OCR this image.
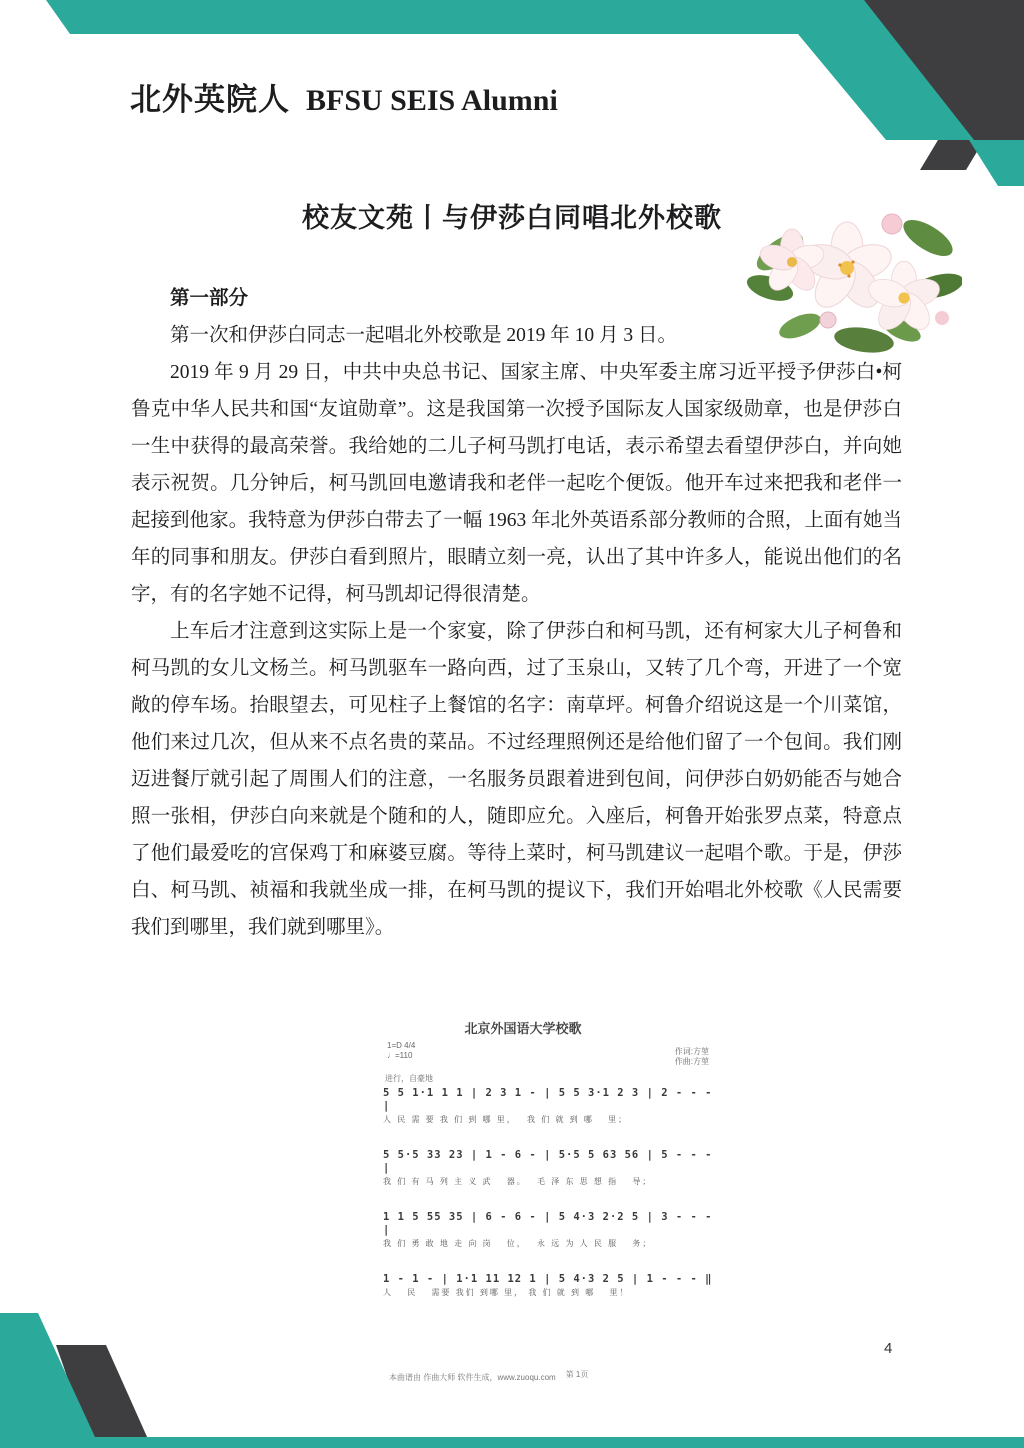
北外英院人 BFSU SEIS Alumni
校友文苑丨与伊莎白同唱北外校歌

第一部分

第一次和伊莎白同志一起唱北外校歌是 2019 年 10 月 3 日。

2019 年 9 月 29 日，中共中央总书记、国家主席、中央军委主席习近平授予伊莎白•柯鲁克中华人民共和国“友谊勋章”。这是我国第一次授予国际友人国家级勋章，也是伊莎白一生中获得的最高荣誉。我给她的二儿子柯马凯打电话，表示希望去看望伊莎白，并向她表示祝贺。几分钟后，柯马凯回电邀请我和老伴一起吃个便饭。他开车过来把我和老伴一起接到他家。我特意为伊莎白带去了一幅 1963 年北外英语系部分教师的合照，上面有她当年的同事和朋友。伊莎白看到照片，眼睛立刻一亮，认出了其中许多人，能说出他们的名字，有的名字她不记得，柯马凯却记得很清楚。

上车后才注意到这实际上是一个家宴，除了伊莎白和柯马凯，还有柯家大儿子柯鲁和柯马凯的女儿文杨兰。柯马凯驱车一路向西，过了玉泉山，又转了几个弯，开进了一个宽敞的停车场。抬眼望去，可见柱子上餐馆的名字：南草坪。柯鲁介绍说这是一个川菜馆，他们来过几次，但从来不点名贵的菜品。不过经理照例还是给他们留了一个包间。我们刚迈进餐厅就引起了周围人们的注意，一名服务员跟着进到包间，问伊莎白奶奶能否与她合照一张相，伊莎白向来就是个随和的人，随即应允。入座后，柯鲁开始张罗点菜，特意点了他们最爱吃的宫保鸡丁和麻婆豆腐。等待上菜时，柯马凯建议一起唱个歌。于是，伊莎白、柯马凯、祯福和我就坐成一排，在柯马凯的提议下，我们开始唱北外校歌《人民需要我们到哪里，我们就到哪里》。

北京外国语大学校歌
1=D 4/4
♩=110	作词:方堃
作曲:方堃
进行，自豪地
5 5 1·1 1 1 | 2 3 1 - | 5 5 3·1 2 3 | 2 - - - |
人 民 需 要 我 们 到 哪 里，　 我 们 就 到 哪　 里；
5 5·5 33 23 | 1 - 6 - | 5·5 5 63 56 | 5 - - - |
我 们 有 马 列 主 义 武　 器。　 毛 泽 东 思 想 指　 导；
1 1 5 55 35 | 6 - 6 - | 5 4·3 2·2 5 | 3 - - - |
我 们 勇 敢 地 走 向 岗　 位，　 永 远 为 人 民 服　 务；
1 - 1 - | 1·1 11 12 1 | 5 4·3 2 5 | 1 - - - ‖
人　 民　 需要 我们 到哪 里， 我 们 就 到 哪　 里！
本曲谱由 作曲大师 软件生成，www.zuoqu.com 第 1页
4
